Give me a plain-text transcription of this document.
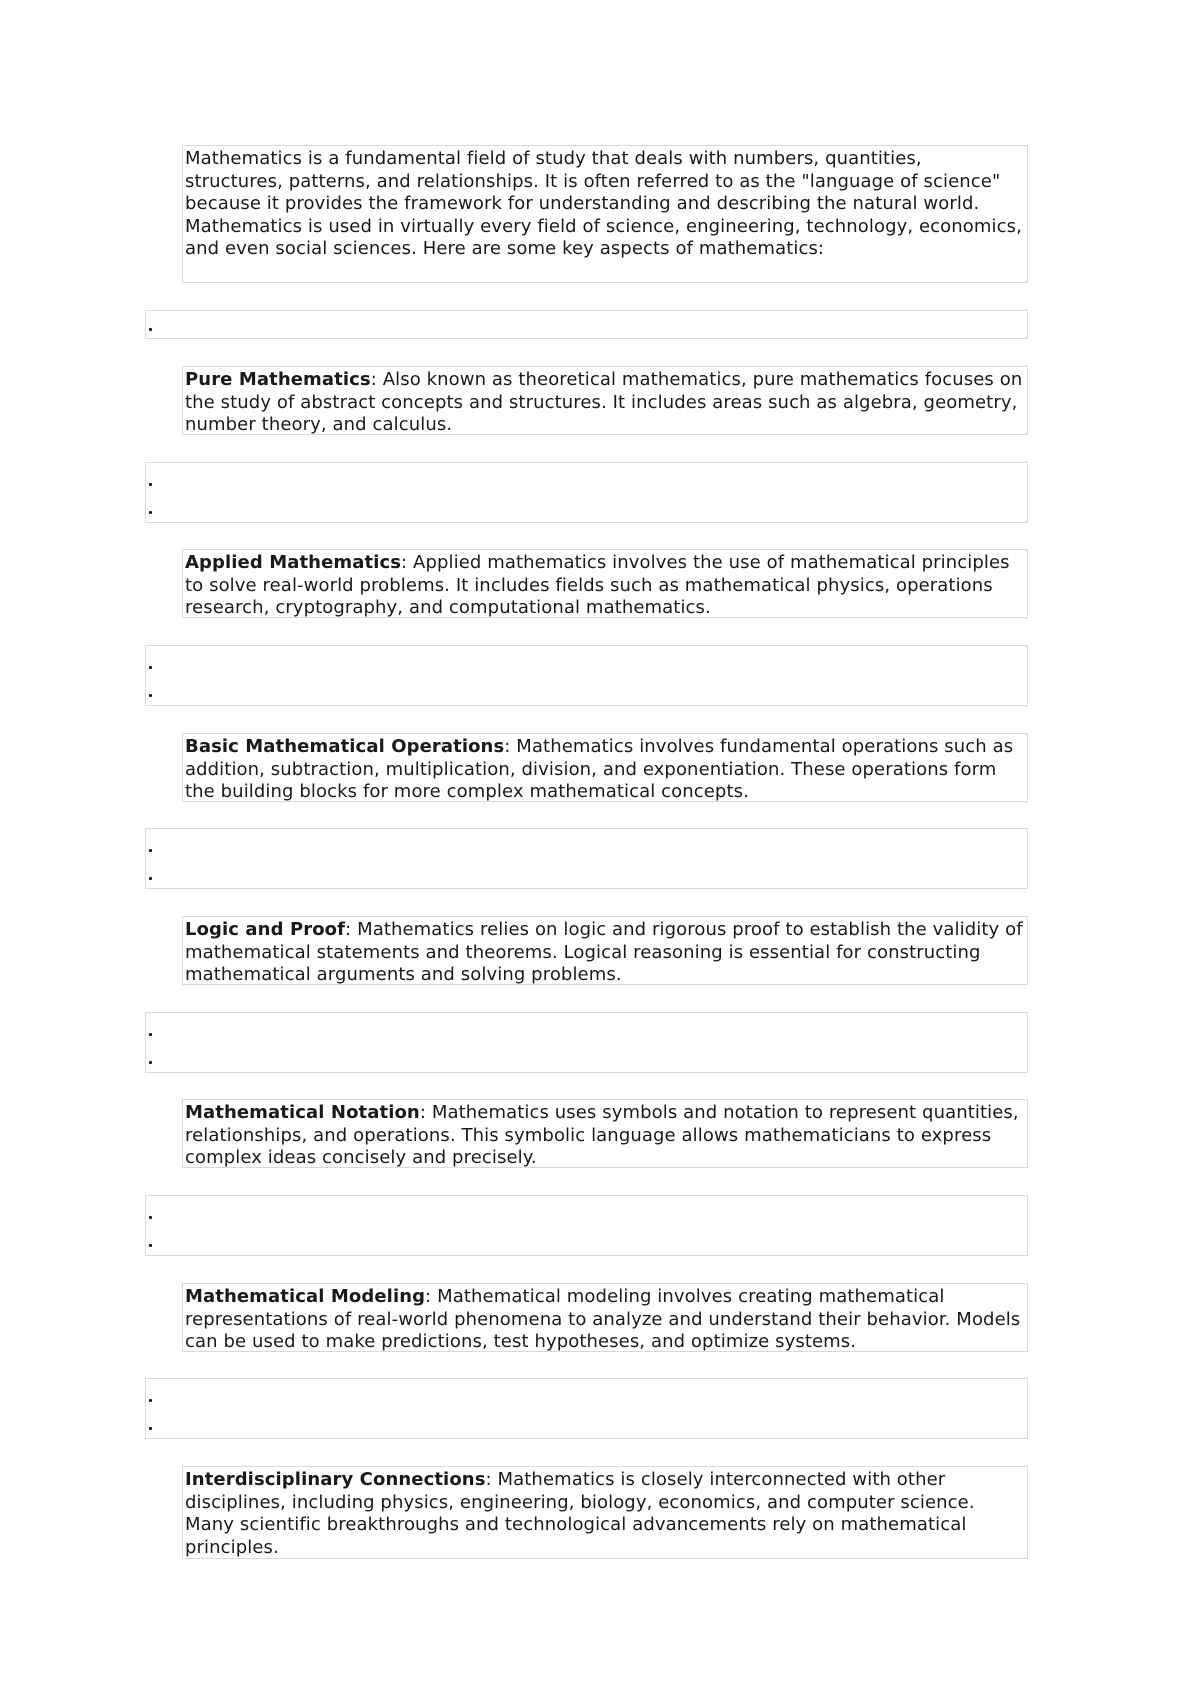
Mathematics is a fundamental field of study that deals with numbers, quantities, structures, patterns, and relationships. It is often referred to as the "language of science" because it provides the framework for understanding and describing the natural world. Mathematics is used in virtually every field of science, engineering, technology, economics, and even social sciences. Here are some key aspects of mathematics:
Pure Mathematics: Also known as theoretical mathematics, pure mathematics focuses on the study of abstract concepts and structures. It includes areas such as algebra, geometry, number theory, and calculus.
Applied Mathematics: Applied mathematics involves the use of mathematical principles to solve real-world problems. It includes fields such as mathematical physics, operations research, cryptography, and computational mathematics.
Basic Mathematical Operations: Mathematics involves fundamental operations such as addition, subtraction, multiplication, division, and exponentiation. These operations form the building blocks for more complex mathematical concepts.
Logic and Proof: Mathematics relies on logic and rigorous proof to establish the validity of mathematical statements and theorems. Logical reasoning is essential for constructing mathematical arguments and solving problems.
Mathematical Notation: Mathematics uses symbols and notation to represent quantities, relationships, and operations. This symbolic language allows mathematicians to express complex ideas concisely and precisely.
Mathematical Modeling: Mathematical modeling involves creating mathematical representations of real-world phenomena to analyze and understand their behavior. Models can be used to make predictions, test hypotheses, and optimize systems.
Interdisciplinary Connections: Mathematics is closely interconnected with other disciplines, including physics, engineering, biology, economics, and computer science. Many scientific breakthroughs and technological advancements rely on mathematical principles.
